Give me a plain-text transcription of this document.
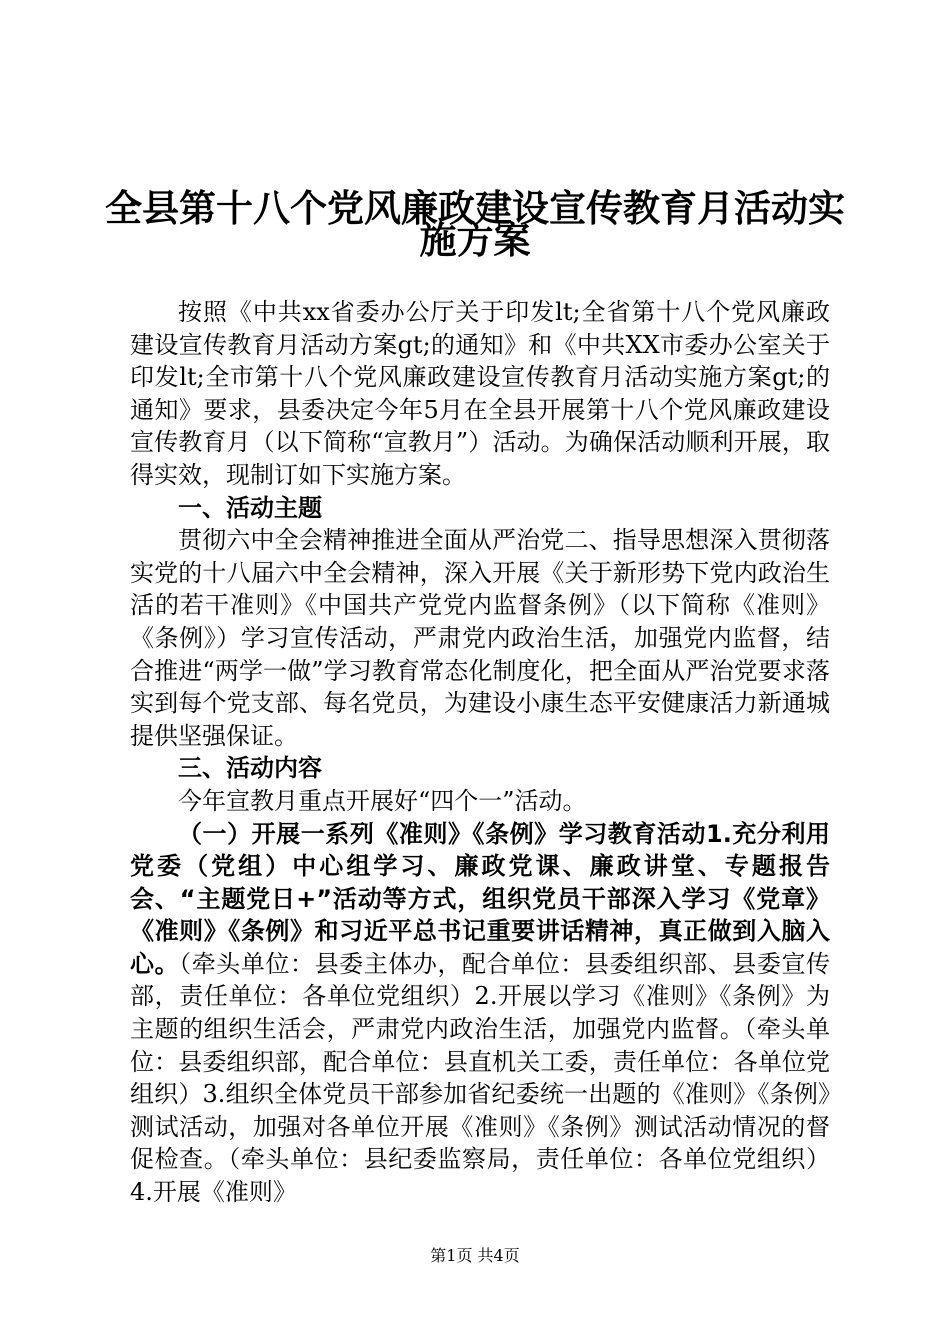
全县第十八个党风廉政建设宣传教育月活动实
施方案

按照《中共xx省委办公厅关于印发lt;全省第十八个党风廉政建设宣传教育月活动方案gt;的通知》和《中共XX市委办公室关于印发lt;全市第十八个党风廉政建设宣传教育月活动实施方案gt;的通知》要求，县委决定今年5月在全县开展第十八个党风廉政建设宣传教育月（以下简称“宣教月”）活动。为确保活动顺利开展，取得实效，现制订如下实施方案。

一、活动主题

贯彻六中全会精神推进全面从严治党二、指导思想深入贯彻落实党的十八届六中全会精神，深入开展《关于新形势下党内政治生活的若干准则》《中国共产党党内监督条例》（以下简称《准则》《条例》）学习宣传活动，严肃党内政治生活，加强党内监督，结合推进“两学一做”学习教育常态化制度化，把全面从严治党要求落实到每个党支部、每名党员，为建设小康生态平安健康活力新通城提供坚强保证。

三、活动内容

今年宣教月重点开展好“四个一”活动。

（一）开展一系列《准则》《条例》学习教育活动1.充分利用党委（党组）中心组学习、廉政党课、廉政讲堂、专题报告会、“主题党日+”活动等方式，组织党员干部深入学习《党章》《准则》《条例》和习近平总书记重要讲话精神，真正做到入脑入心。（牵头单位：县委主体办，配合单位：县委组织部、县委宣传部，责任单位：各单位党组织）2.开展以学习《准则》《条例》为主题的组织生活会，严肃党内政治生活，加强党内监督。（牵头单位：县委组织部，配合单位：县直机关工委，责任单位：各单位党组织）3.组织全体党员干部参加省纪委统一出题的《准则》《条例》测试活动，加强对各单位开展《准则》《条例》测试活动情况的督促检查。（牵头单位：县纪委监察局，责任单位：各单位党组织）4.开展《准则》

第1页 共4页
